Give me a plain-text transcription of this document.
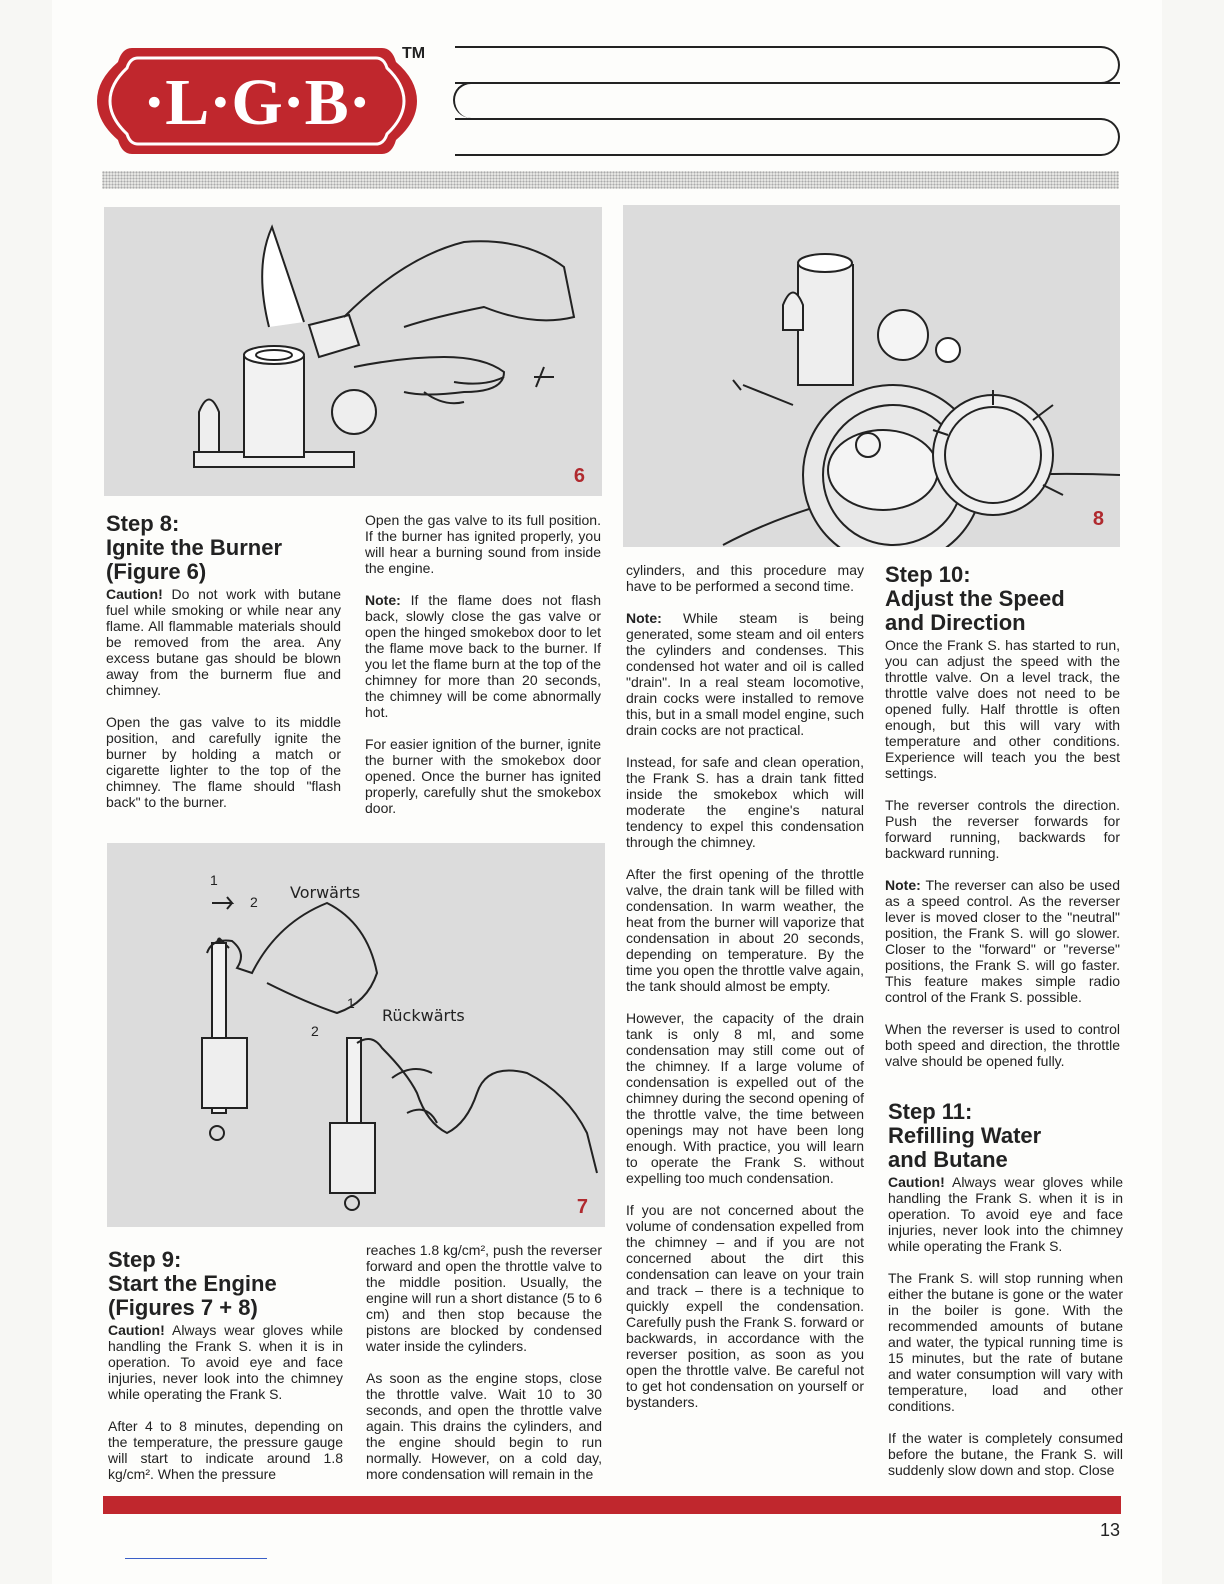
·L·G·B·
TM
6
8
Vorwärts
Rückwärts
1
2
1
2
7
Step 8:
Ignite the Burner
(Figure 6)

Caution! Do not work with butane fuel while smoking or while near any flame. All flammable materials should be removed from the area. Any excess butane gas should be blown away from the burnerm flue and chimney.

Open the gas valve to its middle position, and carefully ignite the burner by holding a match or cigarette lighter to the top of the chimney. The flame should "flash back" to the burner.

Open the gas valve to its full position. If the burner has ignited properly, you will hear a burning sound from inside the engine.

Note: If the flame does not flash back, slowly close the gas valve or open the hinged smokebox door to let the flame move back to the burner. If you let the flame burn at the top of the chimney for more than 20 seconds, the chimney will be come abnormally hot.

For easier ignition of the burner, ignite the burner with the smokebox door opened. Once the burner has ignited properly, carefully shut the smokebox door.

Step 9:
Start the Engine
(Figures 7 + 8)

Caution! Always wear gloves while handling the Frank S. when it is in operation. To avoid eye and face injuries, never look into the chimney while operating the Frank S.

After 4 to 8 minutes, depending on the temperature, the pressure gauge will start to indicate around 1.8 kg/cm². When the pressure

reaches 1.8 kg/cm², push the reverser forward and open the throttle valve to the middle position. Usually, the engine will run a short distance (5 to 6 cm) and then stop because the pistons are blocked by condensed water inside the cylinders.

As soon as the engine stops, close the throttle valve. Wait 10 to 30 seconds, and open the throttle valve again. This drains the cylinders, and the engine should begin to run normally. However, on a cold day, more condensation will remain in the

cylinders, and this procedure may have to be performed a second time.

Note: While steam is being generated, some steam and oil enters the cylinders and condenses. This condensed hot water and oil is called "drain". In a real steam locomotive, drain cocks were installed to remove this, but in a small model engine, such drain cocks are not practical.

Instead, for safe and clean operation, the Frank S. has a drain tank fitted inside the smokebox which will moderate the engine's natural tendency to expel this condensation through the chimney.

After the first opening of the throttle valve, the drain tank will be filled with condensation. In warm weather, the heat from the burner will vaporize that condensation in about 20 seconds, depending on temperature. By the time you open the throttle valve again, the tank should almost be empty.

However, the capacity of the drain tank is only 8 ml, and some condensation may still come out of the chimney. If a large volume of condensation is expelled out of the chimney during the second opening of the throttle valve, the time between openings may not have been long enough. With practice, you will learn to operate the Frank S. without expelling too much condensation.

If you are not concerned about the volume of condensation expelled from the chimney – and if you are not concerned about the dirt this condensation can leave on your train and track – there is a technique to quickly expell the condensation. Carefully push the Frank S. forward or backwards, in accordance with the reverser position, as soon as you open the throttle valve. Be careful not to get hot condensation on yourself or bystanders.

Step 10:
Adjust the Speed
and Direction

Once the Frank S. has started to run, you can adjust the speed with the throttle valve. On a level track, the throttle valve does not need to be opened fully. Half throttle is often enough, but this will vary with temperature and other conditions. Experience will teach you the best settings.

The reverser controls the direction. Push the reverser forwards for forward running, backwards for backward running.

Note: The reverser can also be used as a speed control. As the reverser lever is moved closer to the "neutral" position, the Frank S. will go slower. Closer to the "forward" or "reverse" positions, the Frank S. will go faster. This feature makes simple radio control of the Frank S. possible.

When the reverser is used to control both speed and direction, the throttle valve should be opened fully.

Step 11:
Refilling Water
and Butane

Caution! Always wear gloves while handling the Frank S. when it is in operation. To avoid eye and face injuries, never look into the chimney while operating the Frank S.

The Frank S. will stop running when either the butane is gone or the water in the boiler is gone. With the recommended amounts of butane and water, the typical running time is 15 minutes, but the rate of butane and water consumption will vary with temperature, load and other conditions.

If the water is completely consumed before the butane, the Frank S. will suddenly slow down and stop. Close

13
